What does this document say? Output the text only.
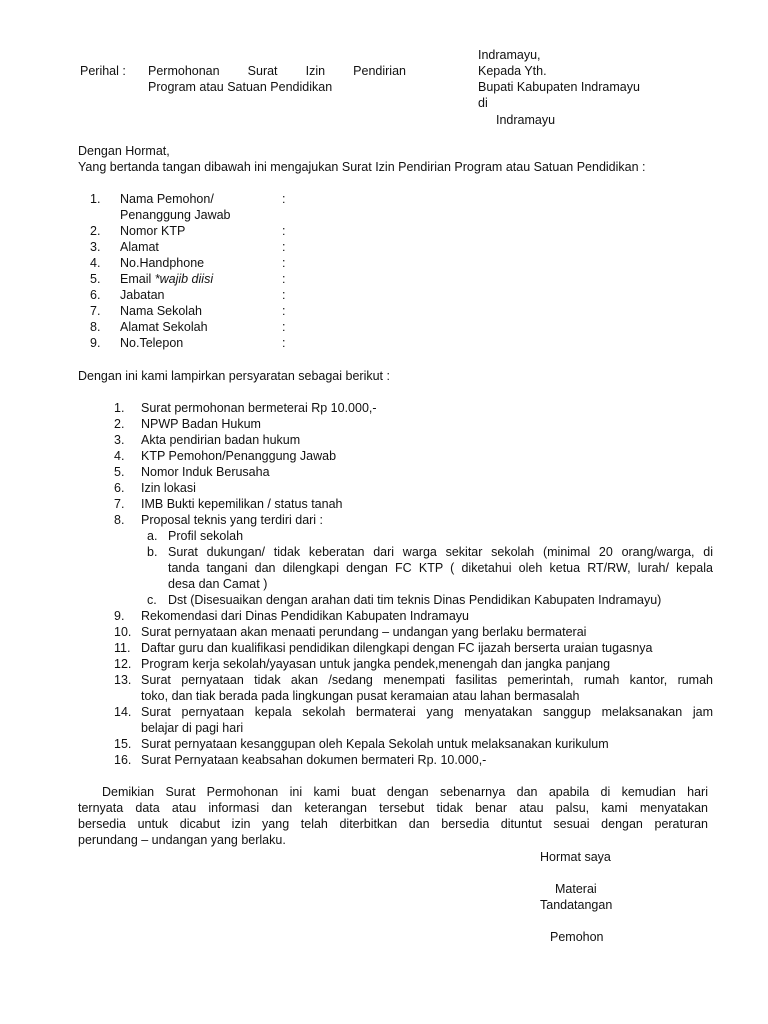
Indramayu,
Kepada Yth.
Bupati Kabupaten Indramayu
di
Indramayu
Perihal : Permohonan Surat Izin Pendirian
Program atau Satuan Pendidikan
Dengan Hormat,
Yang bertanda tangan dibawah ini mengajukan Surat Izin Pendirian Program atau Satuan Pendidikan :
1. Nama Pemohon/	:
Penanggung Jawab
2. Nomor KTP	:
3. Alamat	:
4. No.Handphone	:
5. Email *wajib diisi	:
6. Jabatan	:
7. Nama Sekolah	:
8. Alamat Sekolah	:
9. No.Telepon	:
Dengan ini kami lampirkan persyaratan sebagai berikut :
1. Surat permohonan bermeterai Rp 10.000,-
2. NPWP Badan Hukum
3. Akta pendirian badan hukum
4. KTP Pemohon/Penanggung Jawab
5. Nomor Induk Berusaha
6. Izin lokasi
7. IMB Bukti kepemilikan / status tanah
8. Proposal teknis yang terdiri dari :
a. Profil sekolah
b. Surat dukungan/ tidak keberatan dari warga sekitar sekolah (minimal 20 orang/warga, di
tanda tangani dan dilengkapi dengan FC KTP ( diketahui oleh ketua RT/RW, lurah/ kepala
desa dan Camat )
c. Dst (Disesuaikan dengan arahan dati tim teknis Dinas Pendidikan Kabupaten Indramayu)
9. Rekomendasi dari Dinas Pendidikan Kabupaten Indramayu
10. Surat pernyataan akan menaati perundang – undangan yang berlaku bermaterai
11. Daftar guru dan kualifikasi pendidikan dilengkapi dengan FC ijazah berserta uraian tugasnya
12. Program kerja sekolah/yayasan untuk jangka pendek,menengah dan jangka panjang
13. Surat pernyataan tidak akan /sedang menempati fasilitas pemerintah, rumah kantor, rumah
toko, dan tiak berada pada lingkungan pusat keramaian atau lahan bermasalah
14. Surat pernyataan kepala sekolah bermaterai yang menyatakan sanggup melaksanakan jam
belajar di pagi hari
15. Surat pernyataan kesanggupan oleh Kepala Sekolah untuk melaksanakan kurikulum
16. Surat Pernyataan keabsahan dokumen bermateri Rp. 10.000,-
Demikian Surat Permohonan ini kami buat dengan sebenarnya dan apabila di kemudian hari
ternyata data atau informasi dan keterangan tersebut tidak benar atau palsu, kami menyatakan
bersedia untuk dicabut izin yang telah diterbitkan dan bersedia dituntut sesuai dengan peraturan
perundang – undangan yang berlaku.
Hormat saya
Materai
Tandatangan
Pemohon
